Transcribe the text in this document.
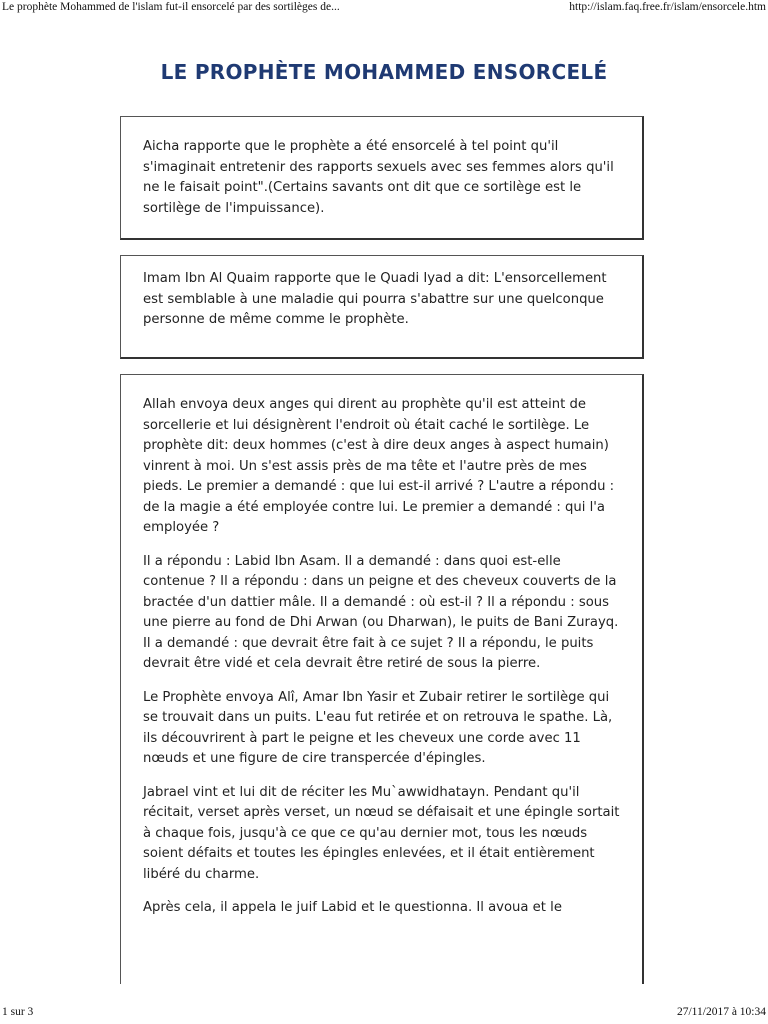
Le prophète Mohammed de l'islam fut-il ensorcelé par des sortilèges de...	http://islam.faq.free.fr/islam/ensorcele.htm
LE PROPHÈTE MOHAMMED ENSORCELÉ

Aicha rapporte que le prophète a été ensorcelé à tel point qu'il s'imaginait entretenir des rapports sexuels avec ses femmes alors qu'il ne le faisait point".(Certains savants ont dit que ce sortilège est le sortilège de l'impuissance).

Imam Ibn Al Quaim rapporte que le Quadi Iyad a dit: L'ensorcellement est semblable à une maladie qui pourra s'abattre sur une quelconque personne de même comme le prophète.

Allah envoya deux anges qui dirent au prophète qu'il est atteint de sorcellerie et lui désignèrent l'endroit où était caché le sortilège. Le prophète dit: deux hommes (c'est à dire deux anges à aspect humain) vinrent à moi. Un s'est assis près de ma tête et l'autre près de mes pieds. Le premier a demandé : que lui est-il arrivé ? L'autre a répondu : de la magie a été employée contre lui. Le premier a demandé : qui l'a employée ?

Il a répondu : Labid Ibn Asam. Il a demandé : dans quoi est-elle contenue ? Il a répondu : dans un peigne et des cheveux couverts de la bractée d'un dattier mâle. Il a demandé : où est-il ? Il a répondu : sous une pierre au fond de Dhi Arwan (ou Dharwan), le puits de Bani Zurayq. Il a demandé : que devrait être fait à ce sujet ? Il a répondu, le puits devrait être vidé et cela devrait être retiré de sous la pierre.

Le Prophète envoya Alî, Amar Ibn Yasir et Zubair retirer le sortilège qui se trouvait dans un puits. L'eau fut retirée et on retrouva le spathe. Là, ils découvrirent à part le peigne et les cheveux une corde avec 11 nœuds et une figure de cire transpercée d'épingles.

Jabrael vint et lui dit de réciter les Mu`awwidhatayn. Pendant qu'il récitait, verset après verset, un nœud se défaisait et une épingle sortait à chaque fois, jusqu'à ce que ce qu'au dernier mot, tous les nœuds soient défaits et toutes les épingles enlevées, et il était entièrement libéré du charme.

Après cela, il appela le juif Labid et le questionna. Il avoua et le

1 sur 3	27/11/2017 à 10:34
